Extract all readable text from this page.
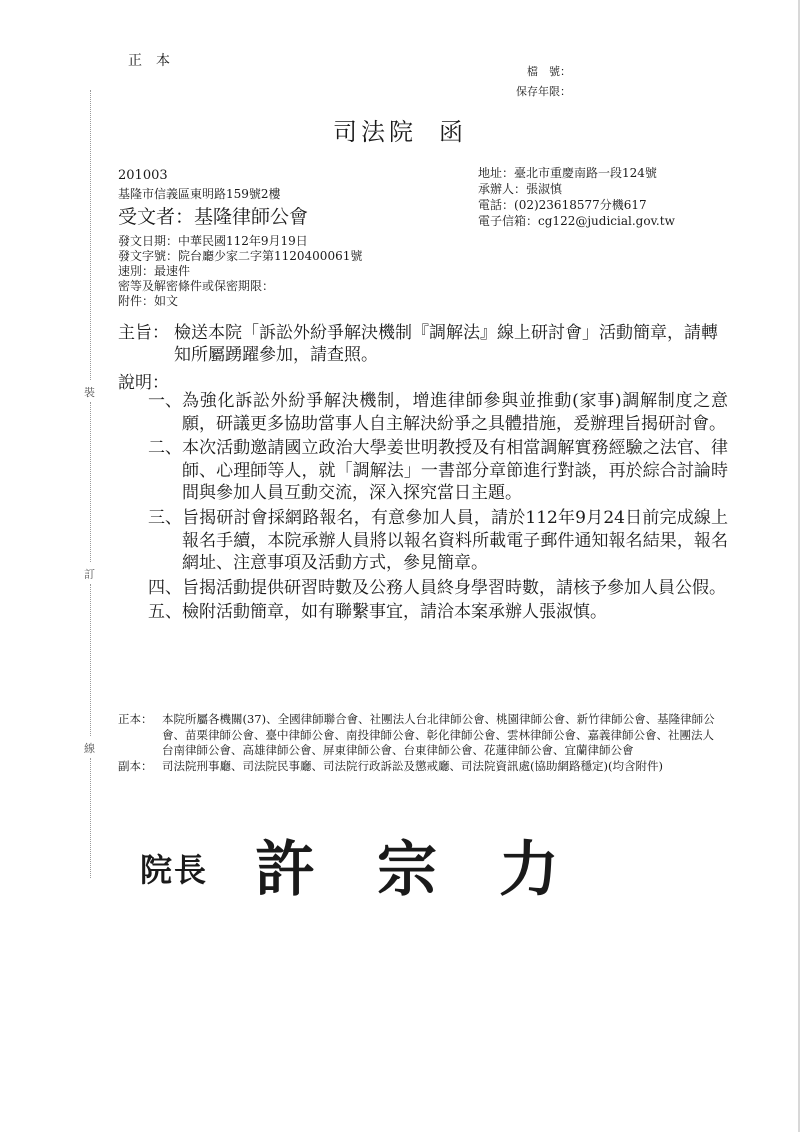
正本
檔　號 ：
保存年限 ：
司法院 函
201003
基隆市信義區東明路159號2樓
受文者：基隆律師公會
地址 ： 臺北市重慶南路一段124號
承辦人 ： 張淑慎
電話 ： (02)23618577分機617
電子信箱 ： cg122@judicial.gov.tw
發文日期：中華民國112年9月19日
發文字號：院台廳少家二字第1120400061號
速別：最速件
密等及解密條件或保密期限：
附件：如文
主旨： 檢送本院「訴訟外紛爭解決機制『調解法』線上研討會」活動簡章，請轉知所屬踴躍參加，請查照。
說明：
一、 為強化訴訟外紛爭解決機制，增進律師參與並推動(家事)調解制度之意願，研議更多協助當事人自主解決紛爭之具體措施，爰辦理旨揭研討會。
二、 本次活動邀請國立政治大學姜世明教授及有相當調解實務經驗之法官、律師、心理師等人，就「調解法」一書部分章節進行對談，再於綜合討論時間與參加人員互動交流，深入探究當日主題。
三、 旨揭研討會採網路報名，有意參加人員，請於112年9月24日前完成線上報名手續，本院承辦人員將以報名資料所載電子郵件通知報名結果，報名網址、注意事項及活動方式，參見簡章。
四、 旨揭活動提供研習時數及公務人員終身學習時數，請核予參加人員公假。
五、 檢附活動簡章，如有聯繫事宜，請洽本案承辦人張淑慎。
正本： 本院所屬各機關(37)、全國律師聯合會、社團法人台北律師公會、桃園律師公會、新竹律師公會、基隆律師公會、苗栗律師公會、臺中律師公會、南投律師公會、彰化律師公會、雲林律師公會、嘉義律師公會、社團法人台南律師公會、高雄律師公會、屏東律師公會、台東律師公會、花蓮律師公會、宜蘭律師公會
副本： 司法院刑事廳、司法院民事廳、司法院行政訴訟及懲戒廳、司法院資訊處(協助網路穩定)(均含附件)
院長 許宗力
裝
訂
線
